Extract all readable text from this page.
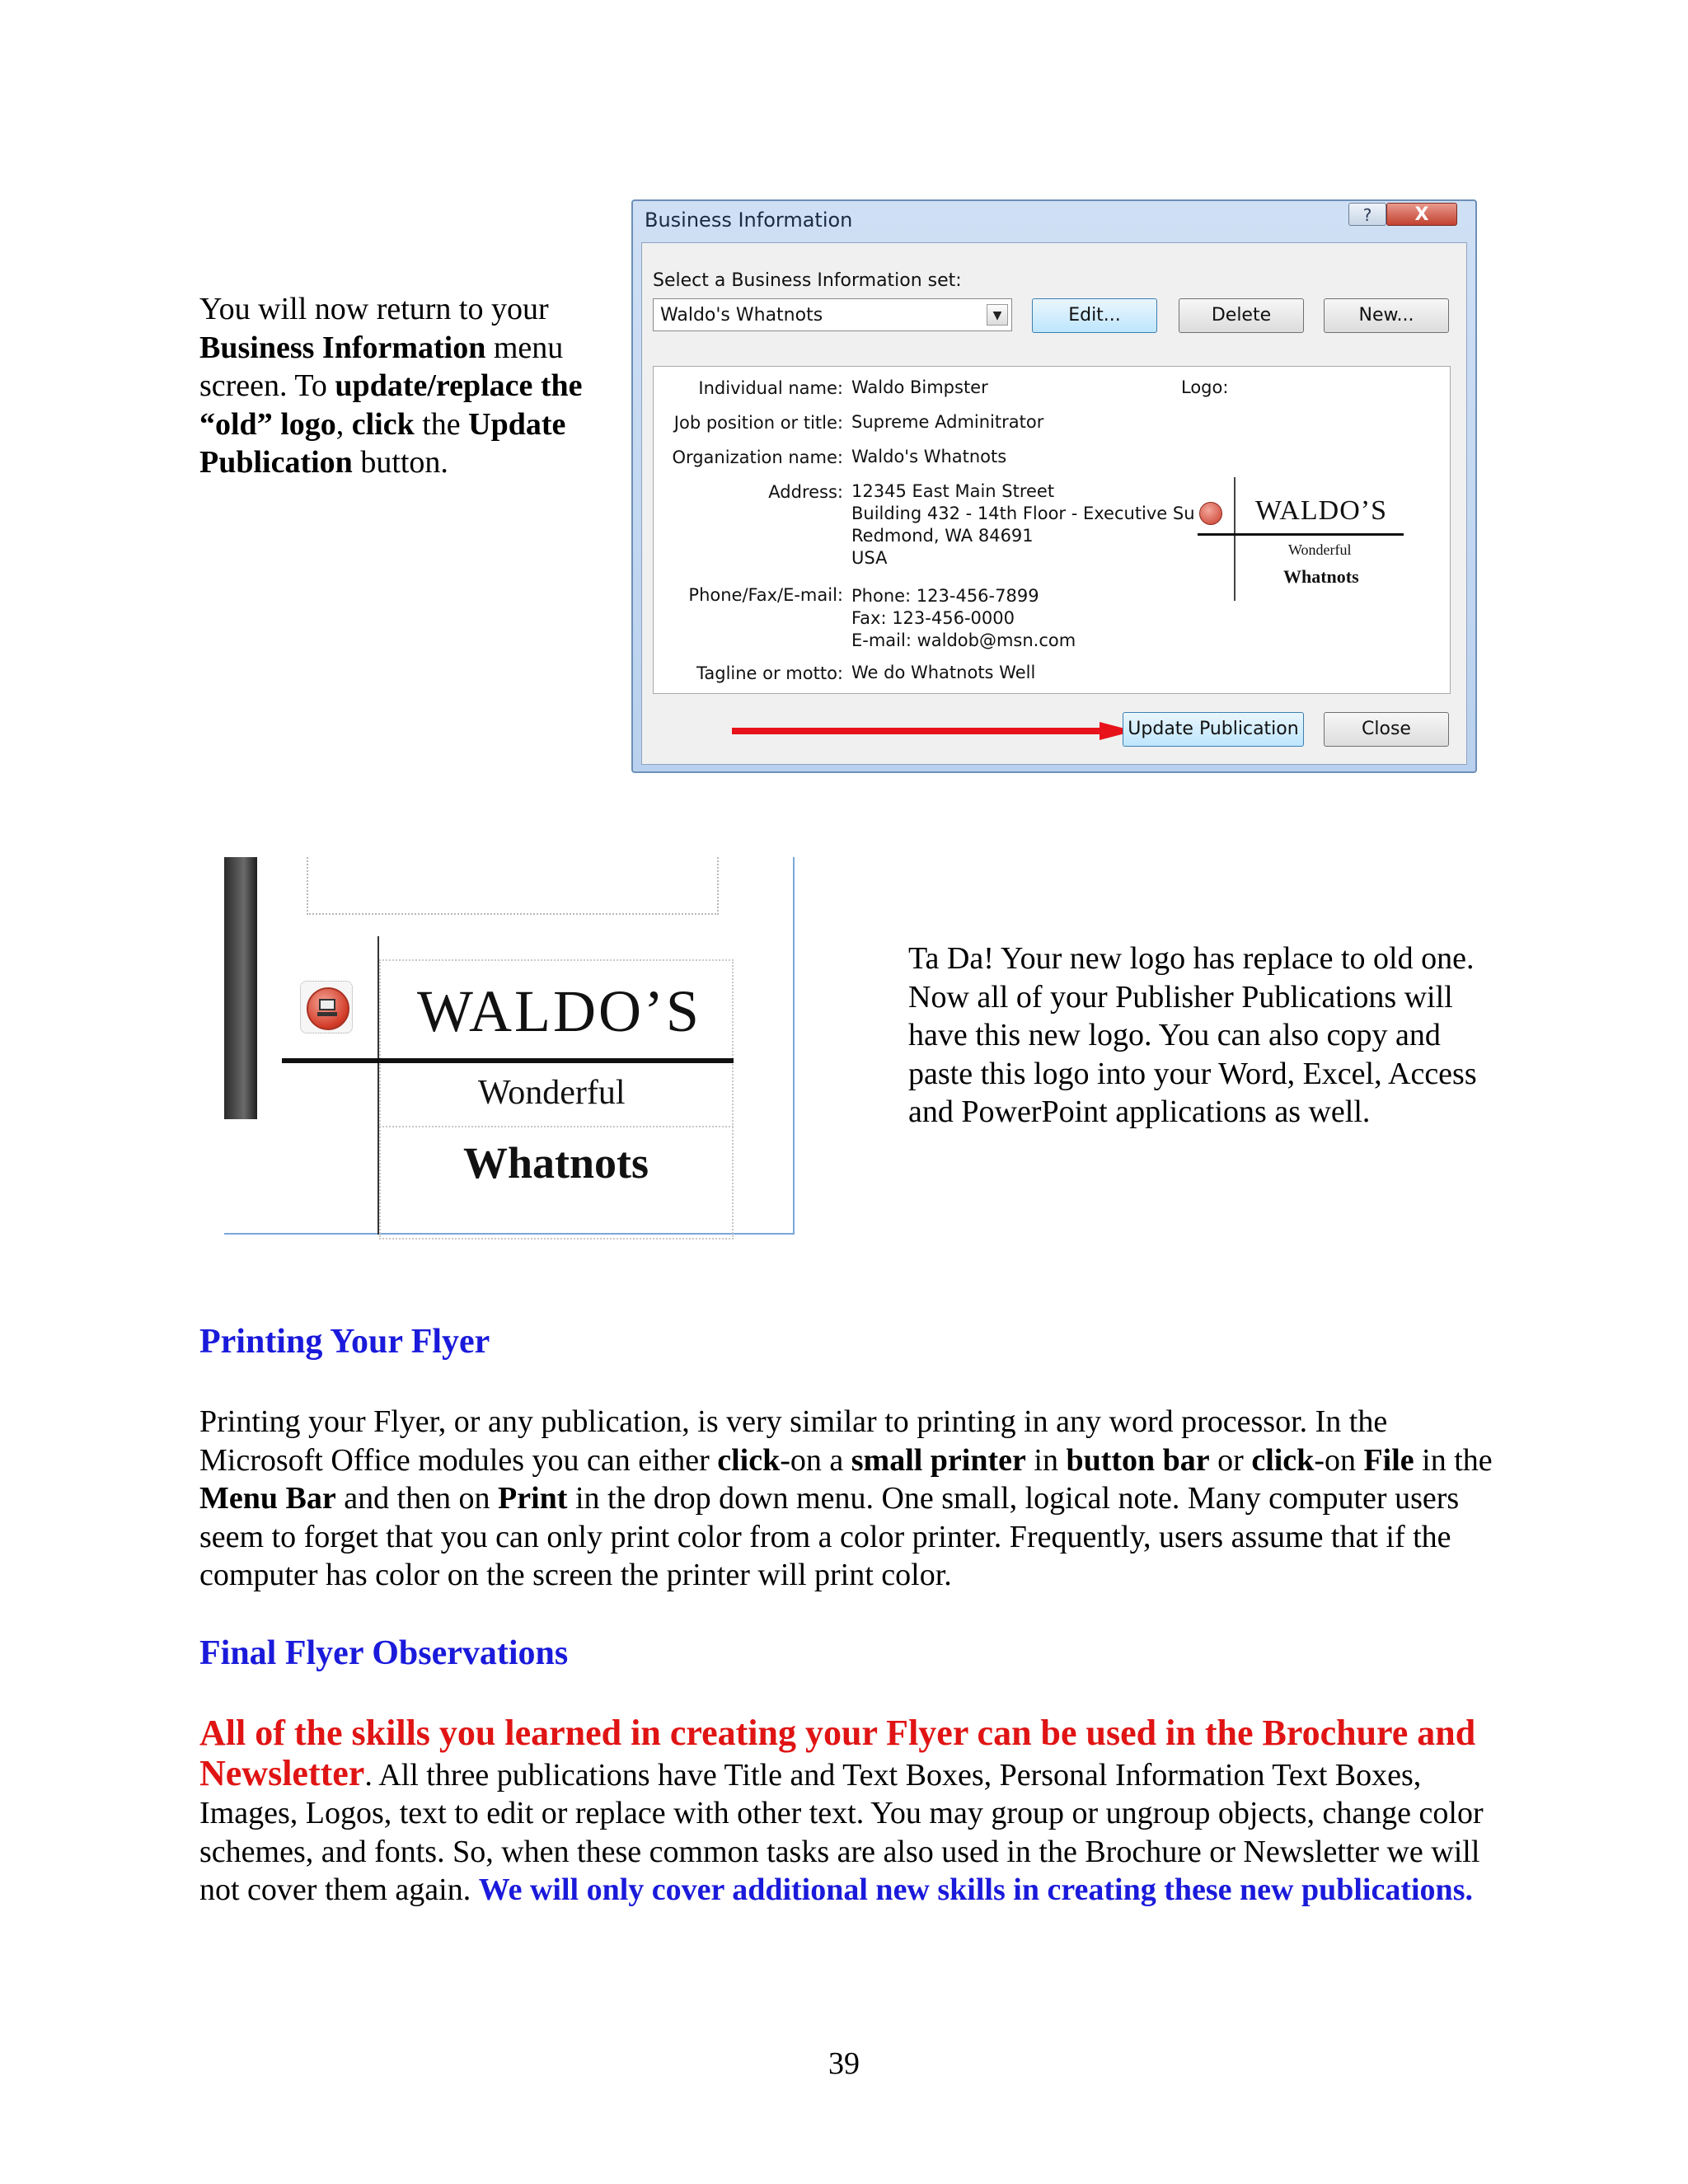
You will now return to your Business Information menu screen. To update/replace the “old” logo, click the Update Publication button.
Business Information	?	X
Select a Business Information set:
Waldo's Whatnots	▼	Edit...	Delete	New...
Individual name: Waldo Bimpster
Job position or title: Supreme Adminitrator
Organization name: Waldo's Whatnots
Address: 12345 East Main Street
Building 432 - 14th Floor - Executive Su
Redmond, WA 84691
USA
Phone/Fax/E-mail: Phone: 123-456-7899
Fax: 123-456-0000
E-mail: waldob@msn.com
Tagline or motto: We do Whatnots Well
Logo:
WALDO’S
Wonderful
Whatnots
Update Publication	Close
WALDO’S
Wonderful
Whatnots
Ta Da! Your new logo has replace to old one. Now all of your Publisher Publications will have this new logo. You can also copy and paste this logo into your Word, Excel, Access and PowerPoint applications as well.
Printing Your Flyer
Printing your Flyer, or any publication, is very similar to printing in any word processor. In the Microsoft Office modules you can either click-on a small printer in button bar or click-on File in the Menu Bar and then on Print in the drop down menu. One small, logical note. Many computer users seem to forget that you can only print color from a color printer. Frequently, users assume that if the computer has color on the screen the printer will print color.
Final Flyer Observations
All of the skills you learned in creating your Flyer can be used in the Brochure and Newsletter. All three publications have Title and Text Boxes, Personal Information Text Boxes, Images, Logos, text to edit or replace with other text. You may group or ungroup objects, change color schemes, and fonts. So, when these common tasks are also used in the Brochure or Newsletter we will not cover them again. We will only cover additional new skills in creating these new publications.
39
